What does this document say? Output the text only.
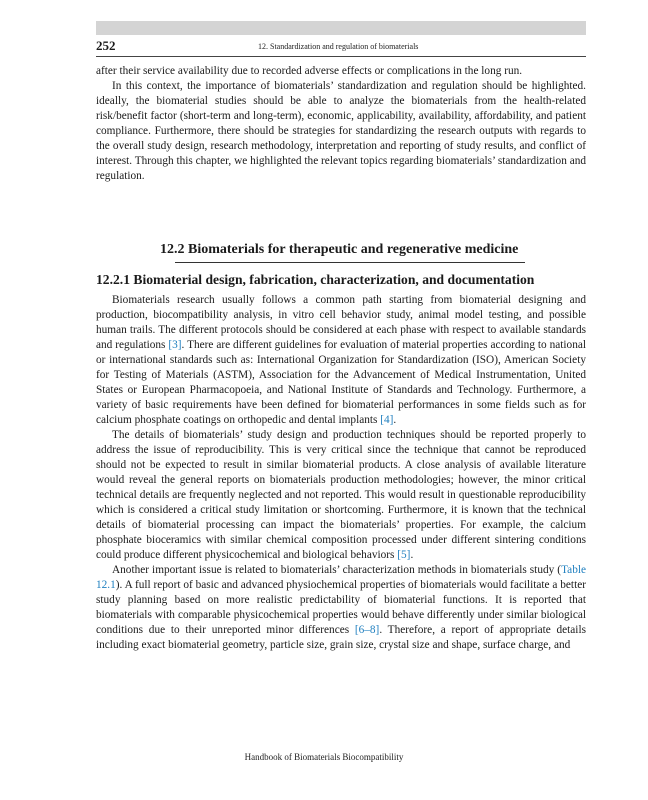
252	12. Standardization and regulation of biomaterials

after their service availability due to recorded adverse effects or complications in the long run.

In this context, the importance of biomaterials’ standardization and regulation should be highlighted. ideally, the biomaterial studies should be able to analyze the biomaterials from the health-related risk/benefit factor (short-term and long-term), economic, applicability, availability, affordability, and patient compliance. Furthermore, there should be strategies for standardizing the research outputs with regards to the overall study design, research methodology, interpretation and reporting of study results, and conflict of interest. Through this chapter, we highlighted the relevant topics regarding biomaterials’ standardization and regulation.

12.2 Biomaterials for therapeutic and regenerative medicine
12.2.1 Biomaterial design, fabrication, characterization, and documentation

Biomaterials research usually follows a common path starting from biomaterial designing and production, biocompatibility analysis, in vitro cell behavior study, animal model testing, and possible human trails. The different protocols should be considered at each phase with respect to available standards and regulations [3]. There are different guidelines for evaluation of material properties according to national or international standards such as: International Organization for Standardization (ISO), American Society for Testing of Materials (ASTM), Association for the Advancement of Medical Instrumentation, United States or European Pharmacopoeia, and National Institute of Standards and Technology. Furthermore, a variety of basic requirements have been defined for biomaterial performances in some fields such as for calcium phosphate coatings on orthopedic and dental implants [4].

The details of biomaterials’ study design and production techniques should be reported properly to address the issue of reproducibility. This is very critical since the technique that cannot be reproduced should not be expected to result in similar biomaterial products. A close analysis of available literature would reveal the general reports on biomaterials production methodologies; however, the minor critical technical details are frequently neglected and not reported. This would result in questionable reproducibility which is considered a critical study limitation or shortcoming. Furthermore, it is known that the technical details of biomaterial processing can impact the biomaterials’ properties. For example, the calcium phosphate bioceramics with similar chemical composition processed under different sintering conditions could produce different physicochemical and biological behaviors [5].

Another important issue is related to biomaterials’ characterization methods in biomaterials study (Table 12.1). A full report of basic and advanced physiochemical properties of biomaterials would facilitate a better study planning based on more realistic predictability of biomaterial functions. It is reported that biomaterials with comparable physicochemical properties would behave differently under similar biological conditions due to their unreported minor differences [6–8]. Therefore, a report of appropriate details including exact biomaterial geometry, particle size, grain size, crystal size and shape, surface charge, and

Handbook of Biomaterials Biocompatibility
